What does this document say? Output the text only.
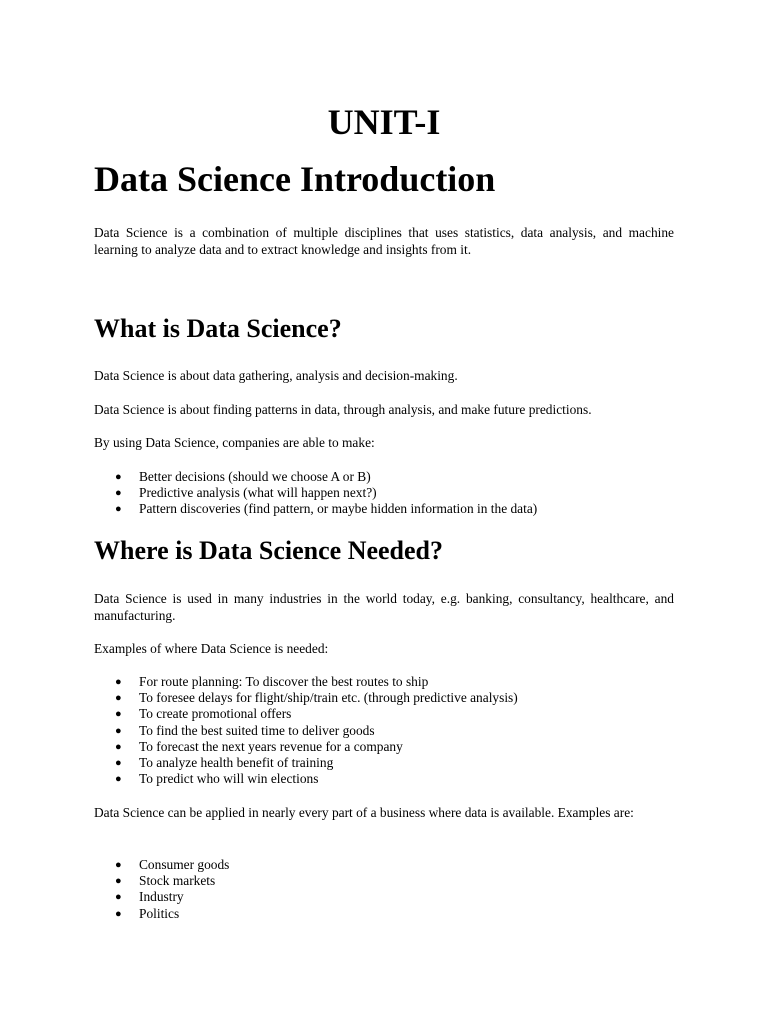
UNIT-I
Data Science Introduction

Data Science is a combination of multiple disciplines that uses statistics, data analysis, and machine learning to analyze data and to extract knowledge and insights from it.

What is Data Science?

Data Science is about data gathering, analysis and decision-making.

Data Science is about finding patterns in data, through analysis, and make future predictions.

By using Data Science, companies are able to make:

● Better decisions (should we choose A or B)
● Predictive analysis (what will happen next?)
● Pattern discoveries (find pattern, or maybe hidden information in the data)
Where is Data Science Needed?

Data Science is used in many industries in the world today, e.g. banking, consultancy, healthcare, and manufacturing.

Examples of where Data Science is needed:

● For route planning: To discover the best routes to ship
● To foresee delays for flight/ship/train etc. (through predictive analysis)
● To create promotional offers
● To find the best suited time to deliver goods
● To forecast the next years revenue for a company
● To analyze health benefit of training
● To predict who will win elections

Data Science can be applied in nearly every part of a business where data is available. Examples are:

● Consumer goods
● Stock markets
● Industry
● Politics
